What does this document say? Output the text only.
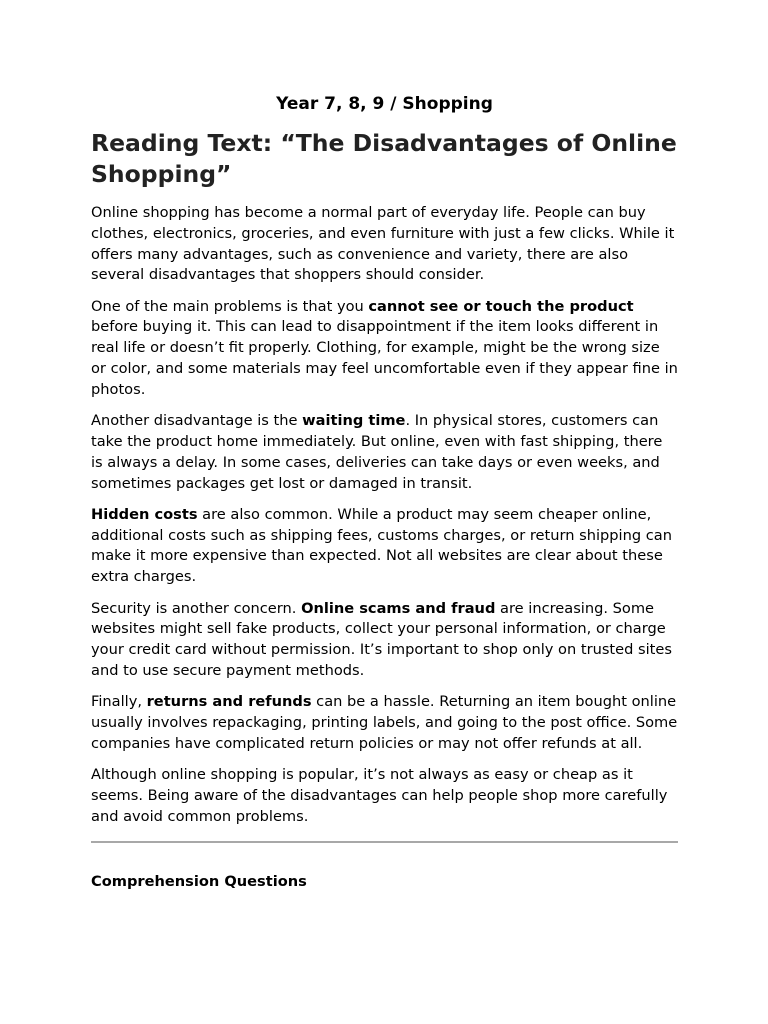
Year 7, 8, 9 / Shopping
Reading Text: “The Disadvantages of Online Shopping”

Online shopping has become a normal part of everyday life. People can buy clothes, electronics, groceries, and even furniture with just a few clicks. While it offers many advantages, such as convenience and variety, there are also several disadvantages that shoppers should consider.

One of the main problems is that you cannot see or touch the product before buying it. This can lead to disappointment if the item looks different in real life or doesn’t fit properly. Clothing, for example, might be the wrong size or color, and some materials may feel uncomfortable even if they appear fine in photos.

Another disadvantage is the waiting time. In physical stores, customers can take the product home immediately. But online, even with fast shipping, there is always a delay. In some cases, deliveries can take days or even weeks, and sometimes packages get lost or damaged in transit.

Hidden costs are also common. While a product may seem cheaper online, additional costs such as shipping fees, customs charges, or return shipping can make it more expensive than expected. Not all websites are clear about these extra charges.

Security is another concern. Online scams and fraud are increasing. Some websites might sell fake products, collect your personal information, or charge your credit card without permission. It’s important to shop only on trusted sites and to use secure payment methods.

Finally, returns and refunds can be a hassle. Returning an item bought online usually involves repackaging, printing labels, and going to the post office. Some companies have complicated return policies or may not offer refunds at all.

Although online shopping is popular, it’s not always as easy or cheap as it seems. Being aware of the disadvantages can help people shop more carefully and avoid common problems.

Comprehension Questions
